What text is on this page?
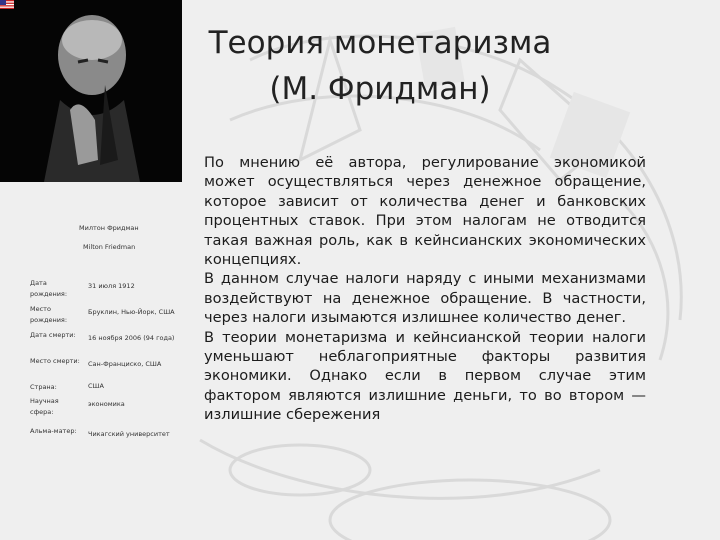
Теория монетаризма
(М. Фридман)
Милтон Фридман
Milton Friedman
Дата рождения:
31 июля 1912
Место рождения:
Бруклин, Нью-Йорк, США
Дата смерти:	16 ноября 2006 (94 года)
Место смерти: Сан-Франциско, США
Страна:	США
Научная сфера:
экономика
Альма-матер:	Чикагский университет

По мнению её автора, регулирование экономикой может осуществляться через денежное обращение, которое зависит от количества денег и банковских процентных ставок. При этом налогам не отводится такая важная роль, как в кейнсианских экономических концепциях.

В данном случае налоги наряду с иными механизмами воздействуют на денежное обращение. В частности, через налоги изымаются излишнее количество денег.

В теории монетаризма и кейнсианской теории налоги уменьшают неблагоприятные факторы развития экономики. Однако если в первом случае этим фактором являются излишние деньги, то во втором — излишние сбережения
